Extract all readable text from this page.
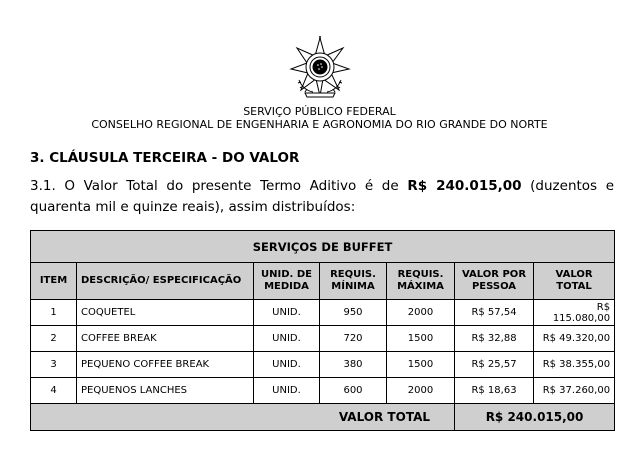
SERVIÇO PÚBLICO FEDERAL
CONSELHO REGIONAL DE ENGENHARIA E AGRONOMIA DO RIO GRANDE DO NORTE
3. CLÁUSULA TERCEIRA - DO VALOR
3.1. O Valor Total do presente Termo Aditivo é de R$ 240.015,00 (duzentos e quarenta mil e quinze reais), assim distribuídos:
SERVIÇOS DE BUFFET						
ITEM	DESCRIÇÃO/ ESPECIFICAÇÃO	UNID. DE MEDIDA	REQUIS. MÍNIMA	REQUIS. MÁXIMA	VALOR POR PESSOA	VALOR TOTAL
1	COQUETEL	UNID.	950	2000	R$ 57,54	R$ 115.080,00
2	COFFEE BREAK	UNID.	720	1500	R$ 32,88	R$ 49.320,00
3	PEQUENO COFFEE BREAK	UNID.	380	1500	R$ 25,57	R$ 38.355,00
4	PEQUENOS LANCHES	UNID.	600	2000	R$ 18,63	R$ 37.260,00
VALOR TOTAL					R$ 240.015,00	
